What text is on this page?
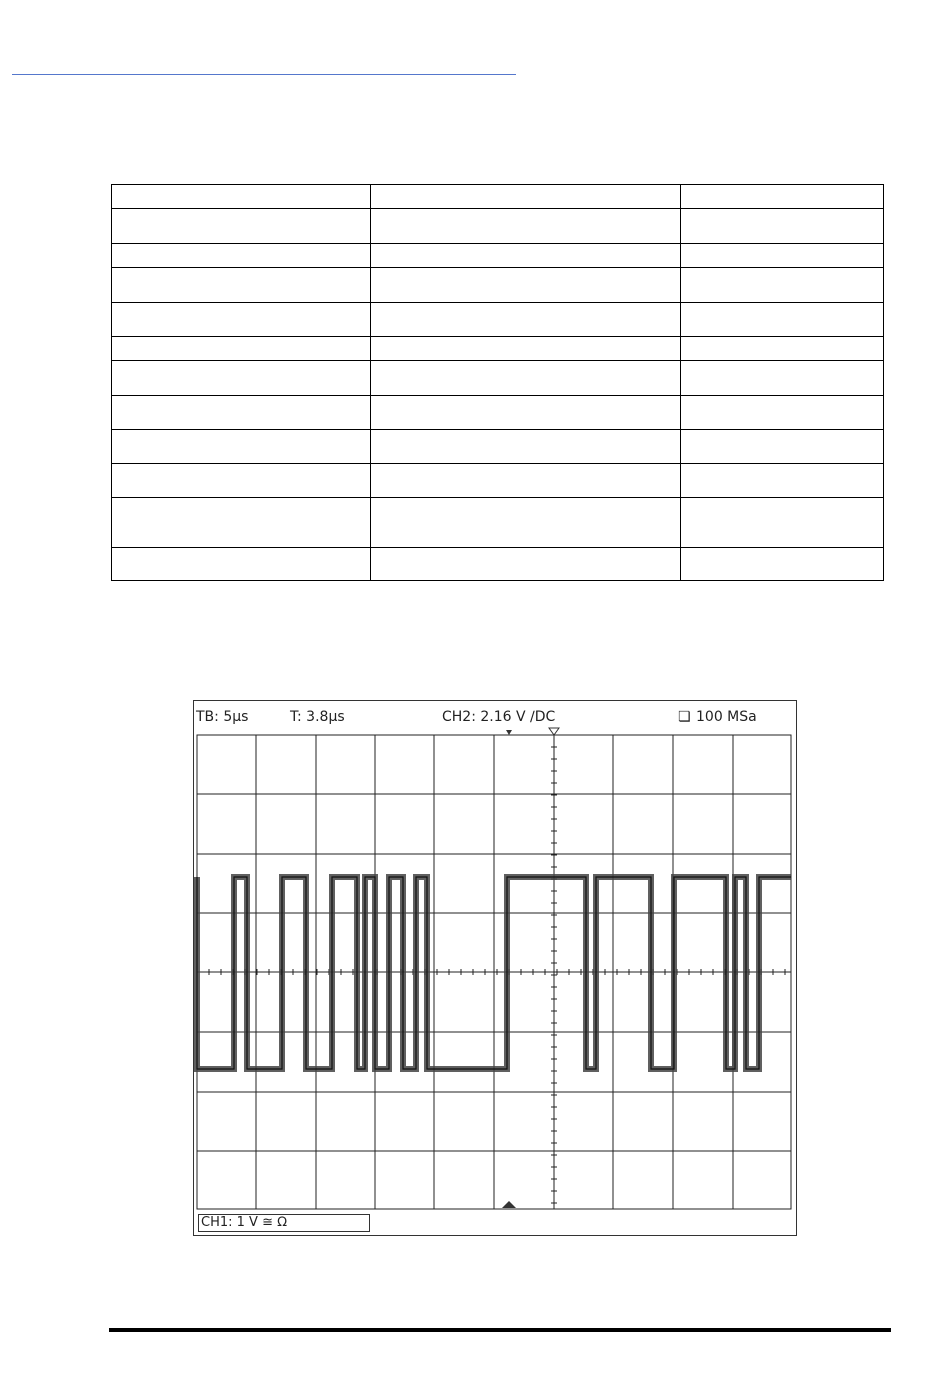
TB: 5µs	T: 3.8µs	CH2: 2.16 V ∕DC	❏ 100 MSa
CH1: 1 V ≅ Ω
